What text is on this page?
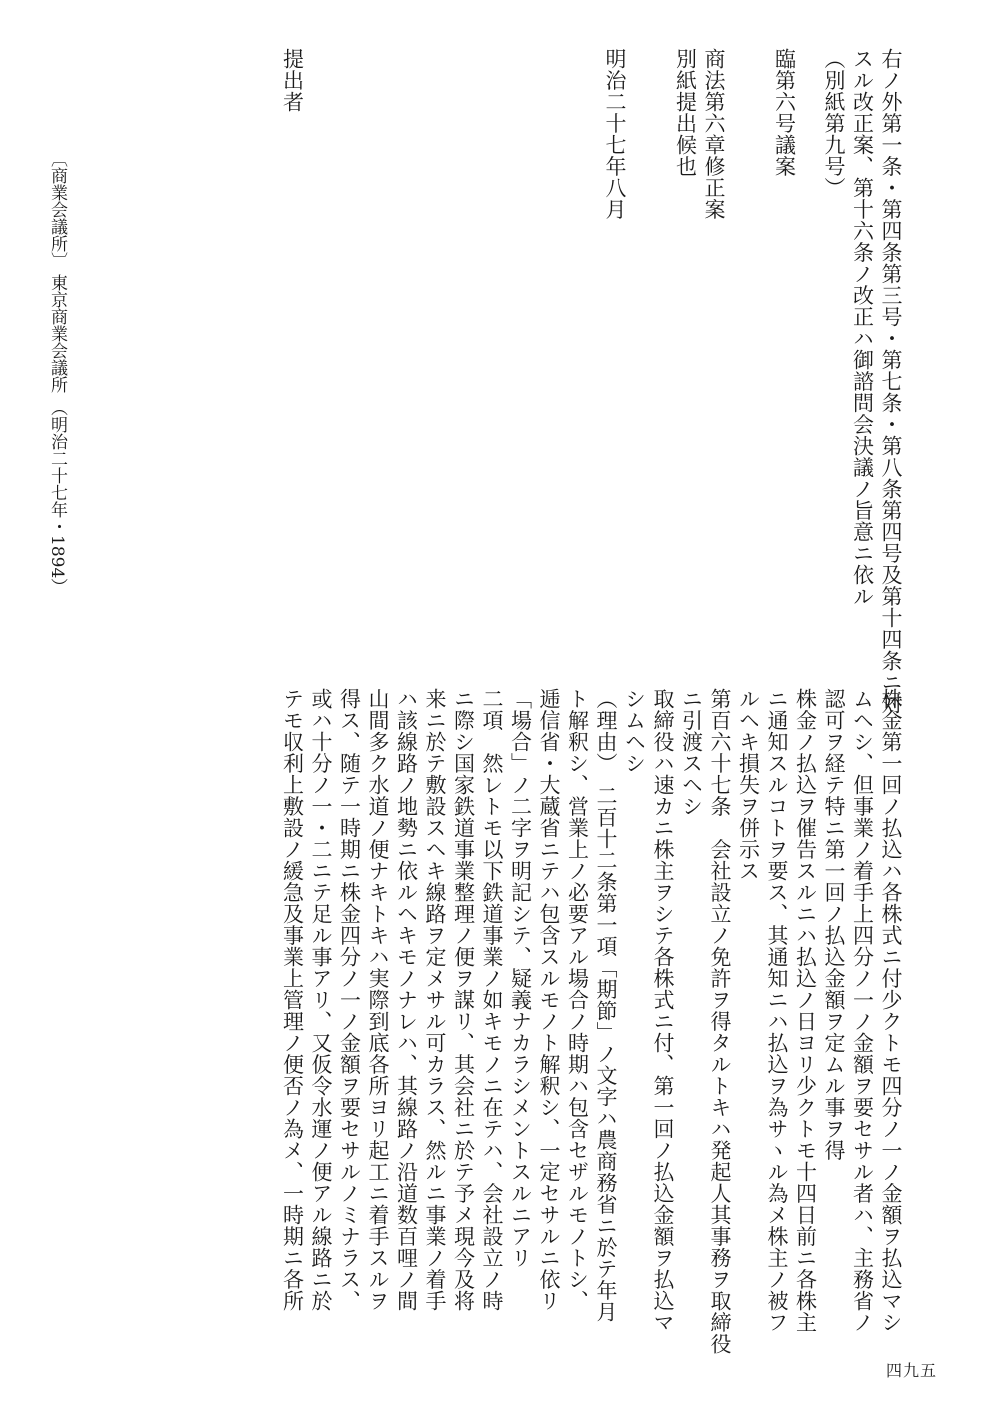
右ノ外第一条・第四条第三号・第七条・第八条第四号及第十四条ニ対
スル改正案、第十六条ノ改正ハ御諮問会決議ノ旨意ニ依ル
（別紙第九号）
臨第六号議案
商法第六章修正案
別紙提出候也
明治二十七年八月
提出者
株金第一回ノ払込ハ各株式ニ付少クトモ四分ノ一ノ金額ヲ払込マシ
ムヘシ、但事業ノ着手上四分ノ一ノ金額ヲ要セサル者ハ、主務省ノ
認可ヲ経テ特ニ第一回ノ払込金額ヲ定ムル事ヲ得
株金ノ払込ヲ催告スルニハ払込ノ日ヨリ少クトモ十四日前ニ各株主
ニ通知スルコトヲ要ス、其通知ニハ払込ヲ為サヽル為メ株主ノ被フ
ルヘキ損失ヲ併示ス
第百六十七条　会社設立ノ免許ヲ得タルトキハ発起人其事務ヲ取締役
ニ引渡スヘシ
取締役ハ速カニ株主ヲシテ各株式ニ付、第一回ノ払込金額ヲ払込マ
シムヘシ
（理由）　二百十二条第一項「期節」ノ文字ハ農商務省ニ於テ年月
ト解釈シ、営業上ノ必要アル場合ノ時期ハ包含セザルモノトシ、
逓信省・大蔵省ニテハ包含スルモノト解釈シ、一定セサルニ依リ
「場合」ノ二字ヲ明記シテ、疑義ナカラシメントスルニアリ
二項　然レトモ以下鉄道事業ノ如キモノニ在テハ、会社設立ノ時
ニ際シ国家鉄道事業整理ノ便ヲ謀リ、其会社ニ於テ予メ現今及将
来ニ於テ敷設スヘキ線路ヲ定メサル可カラス、然ルニ事業ノ着手
ハ該線路ノ地勢ニ依ルヘキモノナレハ、其線路ノ沿道数百哩ノ間
山間多ク水道ノ便ナキトキハ実際到底各所ヨリ起工ニ着手スルヲ
得ス、随テ一時期ニ株金四分ノ一ノ金額ヲ要セサルノミナラス、
或ハ十分ノ一・二ニテ足ル事アリ、又仮令水運ノ便アル線路ニ於
テモ収利上敷設ノ緩急及事業上管理ノ便否ノ為メ、一時期ニ各所
〔商業会議所〕 東京商業会議所 （明治二十七年・1894）
四九五
